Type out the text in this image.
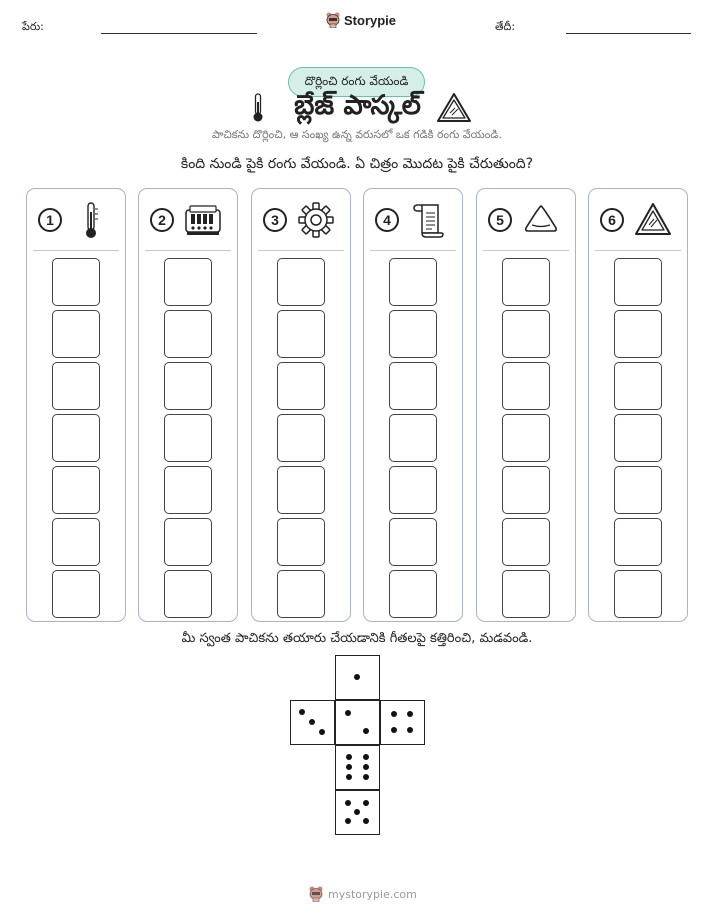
పేరు:	Storypie	తేదీ:
దొర్లించి రంగు వేయండి
బ్లేజ్ పాస్కల్
పాచికను దొర్లించి, ఆ సంఖ్య ఉన్న వరుసలో ఒక గడికి రంగు వేయండి.
కింది నుండి పైకి రంగు వేయండి. ఏ చిత్రం మొదట పైకి చేరుతుంది?
1	2	3	4	5	6
మీ స్వంత పాచికను తయారు చేయడానికి గీతలపై కత్తిరించి, మడవండి.
mystorypie.com
